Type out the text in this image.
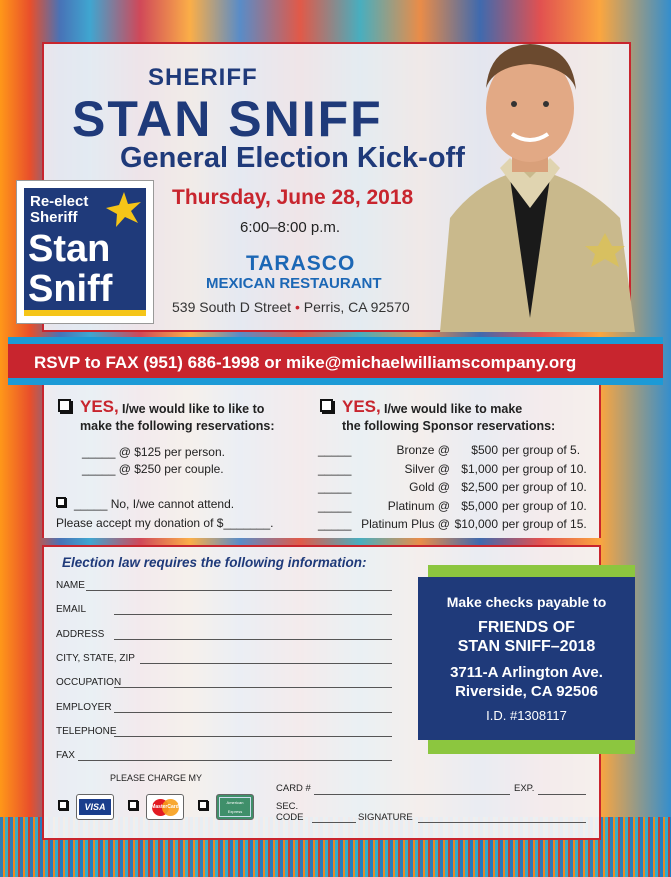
SHERIFF
STAN SNIFF
General Election Kick-off
Thursday, June 28, 2018
6:00–8:00 p.m.
TARASCO
MEXICAN RESTAURANT
539 South D Street • Perris, CA 92570
Re-elect
Sheriff
Stan
Sniff
RSVP to FAX (951) 686-1998 or mike@michaelwilliamscompany.org
YES, I/we would like to like to
make the following reservations:
_____ @ $125 per person.
_____ @ $250 per couple.
_____ No, I/we cannot attend.
Please accept my donation of $_______.
YES, I/we would like to make
the following Sponsor reservations:
_____	Bronze @	$500 per group of 5.
_____	Silver @ $1,000 per group of 10.
_____	Gold @ $2,500 per group of 10.
_____	Platinum @ $5,000 per group of 10.
_____ Platinum Plus @ $10,000 per group of 15.
Election law requires the following information:
NAME
EMAIL
ADDRESS
CITY, STATE, ZIP
OCCUPATION
EMPLOYER
TELEPHONE
FAX
PLEASE CHARGE MY
VISA	MasterCard
American Express
CARD #	EXP.
SEC.
CODE	SIGNATURE
Make checks payable to
FRIENDS OF
STAN SNIFF–2018
3711-A Arlington Ave.
Riverside, CA 92506
I.D. #1308117
